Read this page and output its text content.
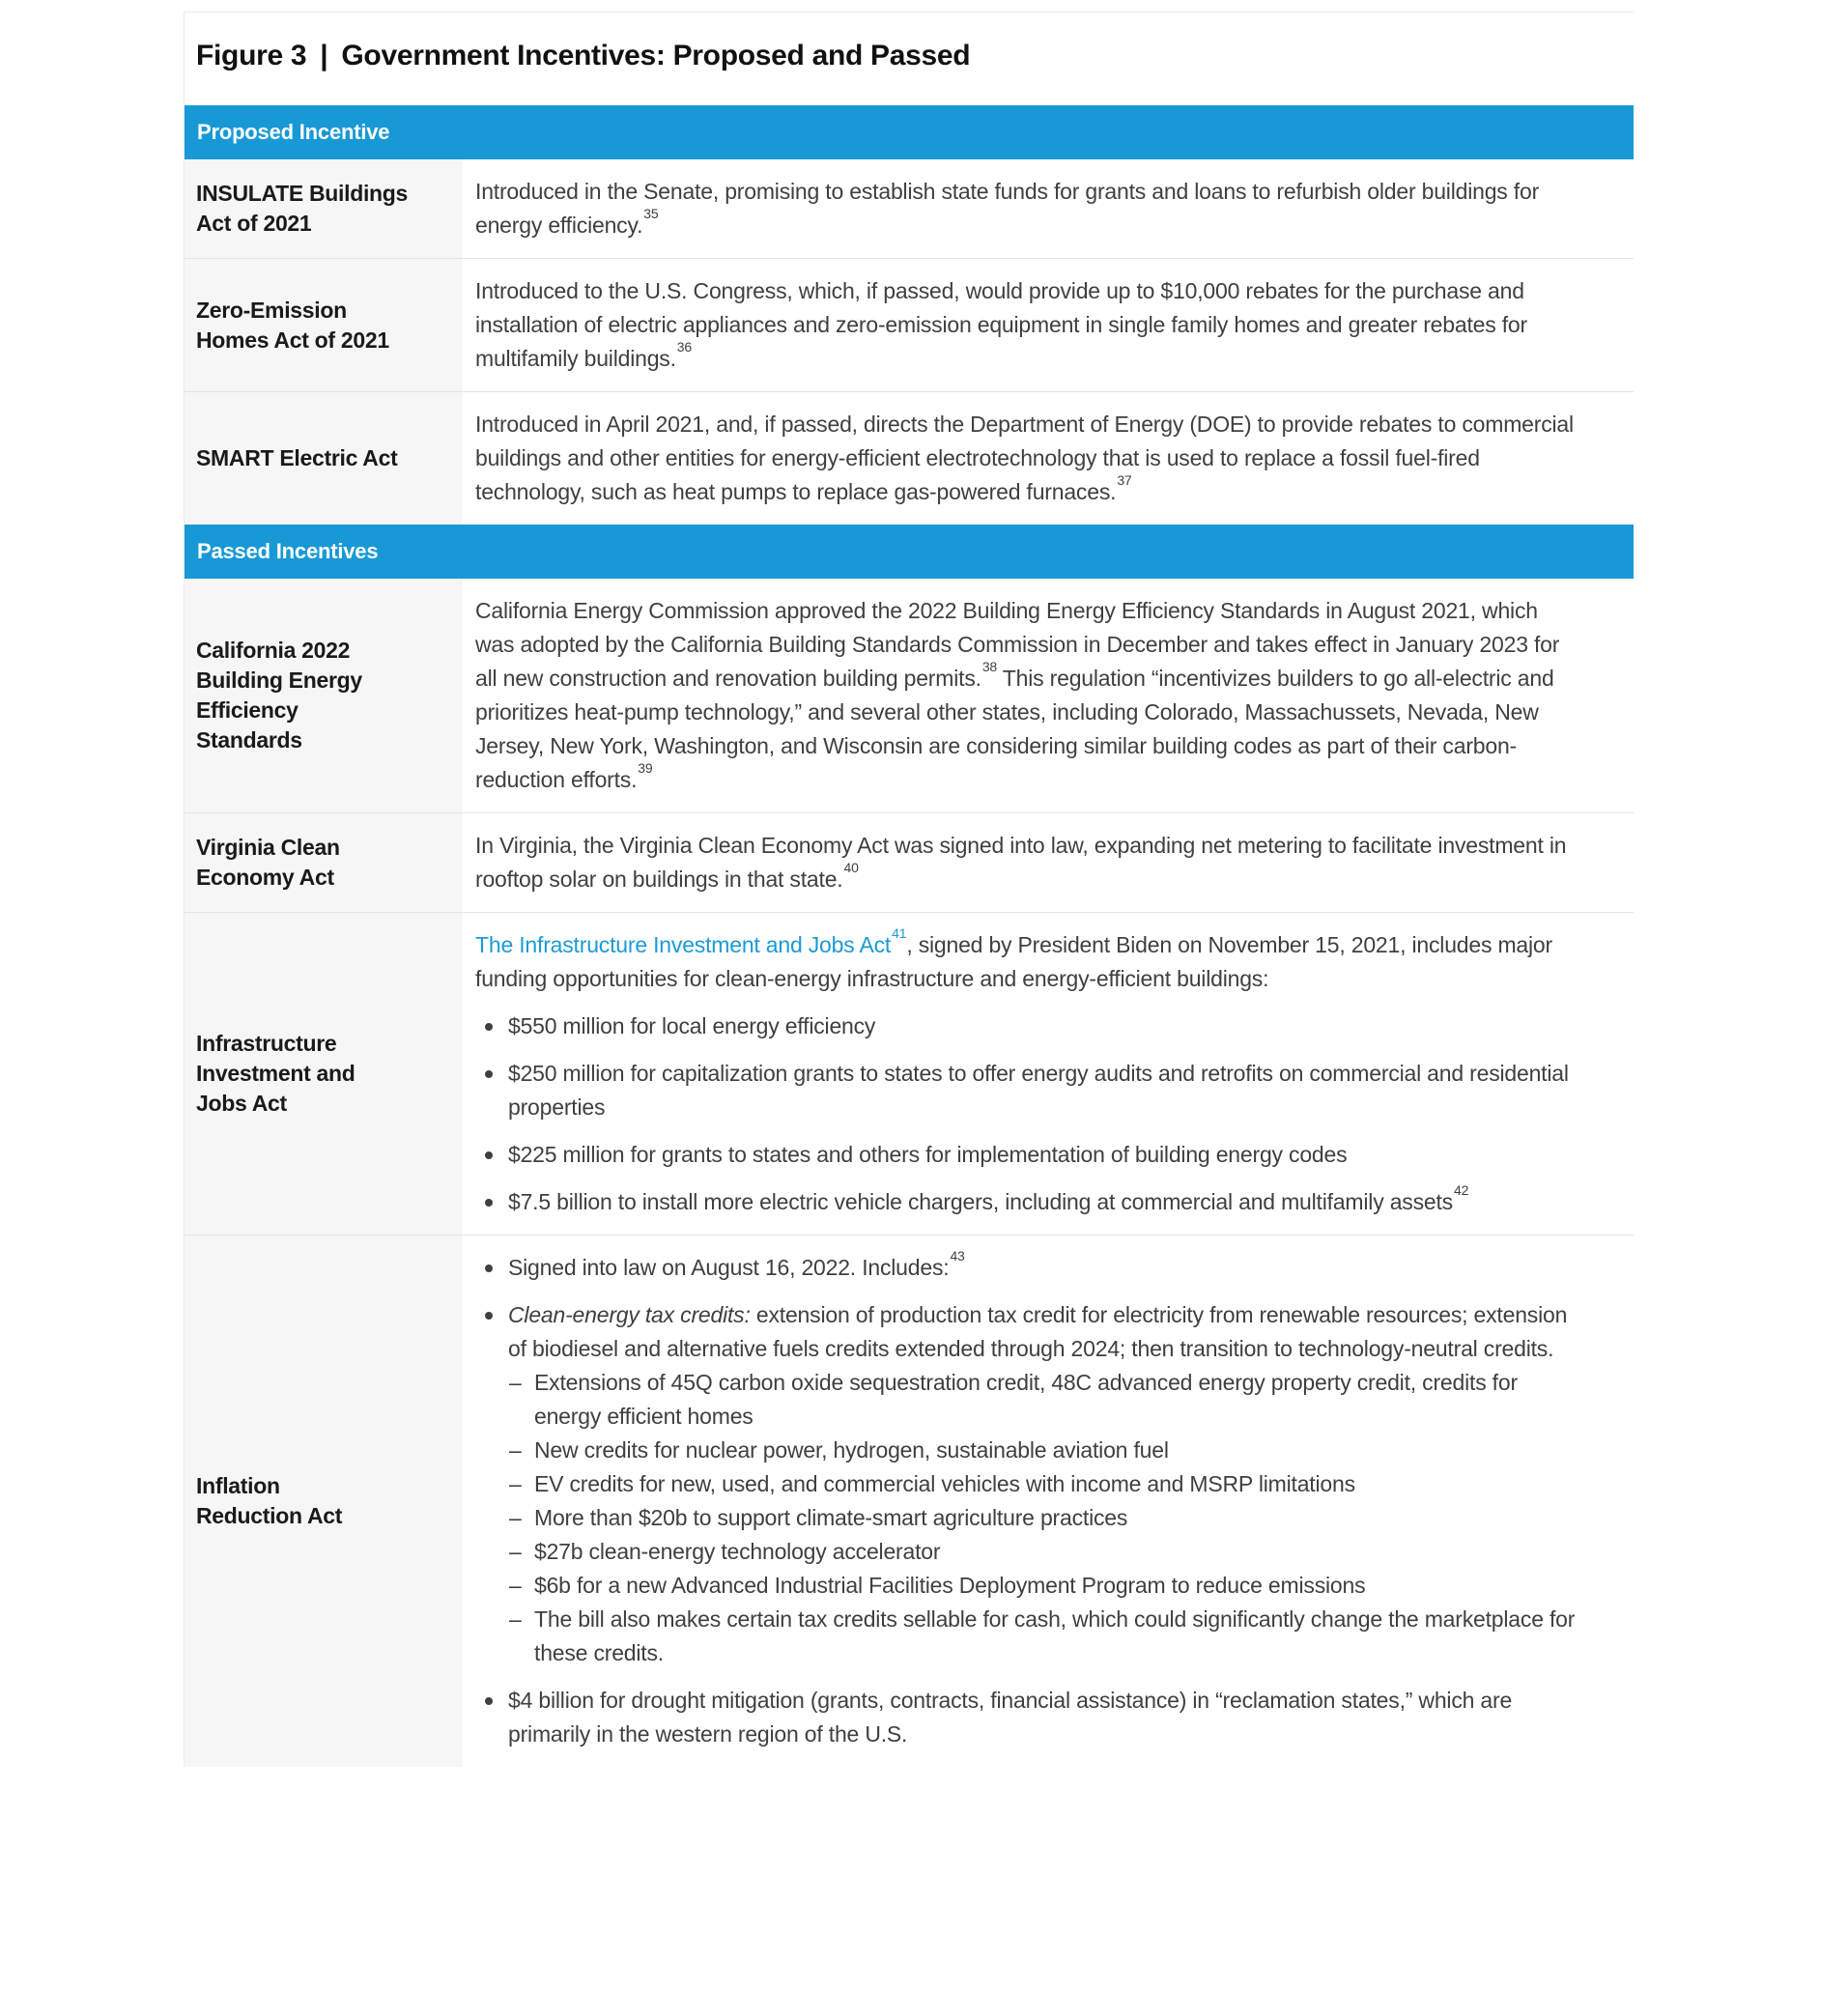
Figure 3 | Government Incentives: Proposed and Passed
Proposed Incentive
INSULATE Buildings
Act of 2021

Introduced in the Senate, promising to establish state funds for grants and loans to refurbish older buildings for energy efficiency.$^{35}$

Zero-Emission
Homes Act of 2021

Introduced to the U.S. Congress, which, if passed, would provide up to $10,000 rebates for the purchase and installation of electric appliances and zero-emission equipment in single family homes and greater rebates for multifamily buildings.$^{36}$

SMART Electric Act

Introduced in April 2021, and, if passed, directs the Department of Energy (DOE) to provide rebates to commercial buildings and other entities for energy-efficient electrotechnology that is used to replace a fossil fuel-fired technology, such as heat pumps to replace gas-powered furnaces.$^{37}$

Passed Incentives
California 2022
Building Energy
Efficiency
Standards

California Energy Commission approved the 2022 Building Energy Efficiency Standards in August 2021, which was adopted by the California Building Standards Commission in December and takes effect in January 2023 for all new construction and renovation building permits.$^{38}$ This regulation “incentivizes builders to go all-electric and prioritizes heat-pump technology,” and several other states, including Colorado, Massachussets, Nevada, New Jersey, New York, Washington, and Wisconsin are considering similar building codes as part of their carbon-reduction efforts.$^{39}$

Virginia Clean
Economy Act

In Virginia, the Virginia Clean Economy Act was signed into law, expanding net metering to facilitate investment in rooftop solar on buildings in that state.$^{40}$

Infrastructure
Investment and
Jobs Act

The Infrastructure Investment and Jobs Act$^{41}$, signed by President Biden on November 15, 2021, includes major funding opportunities for clean-energy infrastructure and energy-efficient buildings:

$550 million for local energy efficiency
$250 million for capitalization grants to states to offer energy audits and retrofits on commercial and residential properties
$225 million for grants to states and others for implementation of building energy codes
$7.5 billion to install more electric vehicle chargers, including at commercial and multifamily assets$^{42}$
Inflation
Reduction Act
Signed into law on August 16, 2022. Includes:$^{43}$
Clean-energy tax credits: extension of production tax credit for electricity from renewable resources; extension of biodiesel and alternative fuels credits extended through 2024; then transition to technology-neutral credits.
– Extensions of 45Q carbon oxide sequestration credit, 48C advanced energy property credit, credits for energy efficient homes
– New credits for nuclear power, hydrogen, sustainable aviation fuel
– EV credits for new, used, and commercial vehicles with income and MSRP limitations
– More than $20b to support climate-smart agriculture practices
– $27b clean-energy technology accelerator
– $6b for a new Advanced Industrial Facilities Deployment Program to reduce emissions
– The bill also makes certain tax credits sellable for cash, which could significantly change the marketplace for these credits.
$4 billion for drought mitigation (grants, contracts, financial assistance) in “reclamation states,” which are primarily in the western region of the U.S.
